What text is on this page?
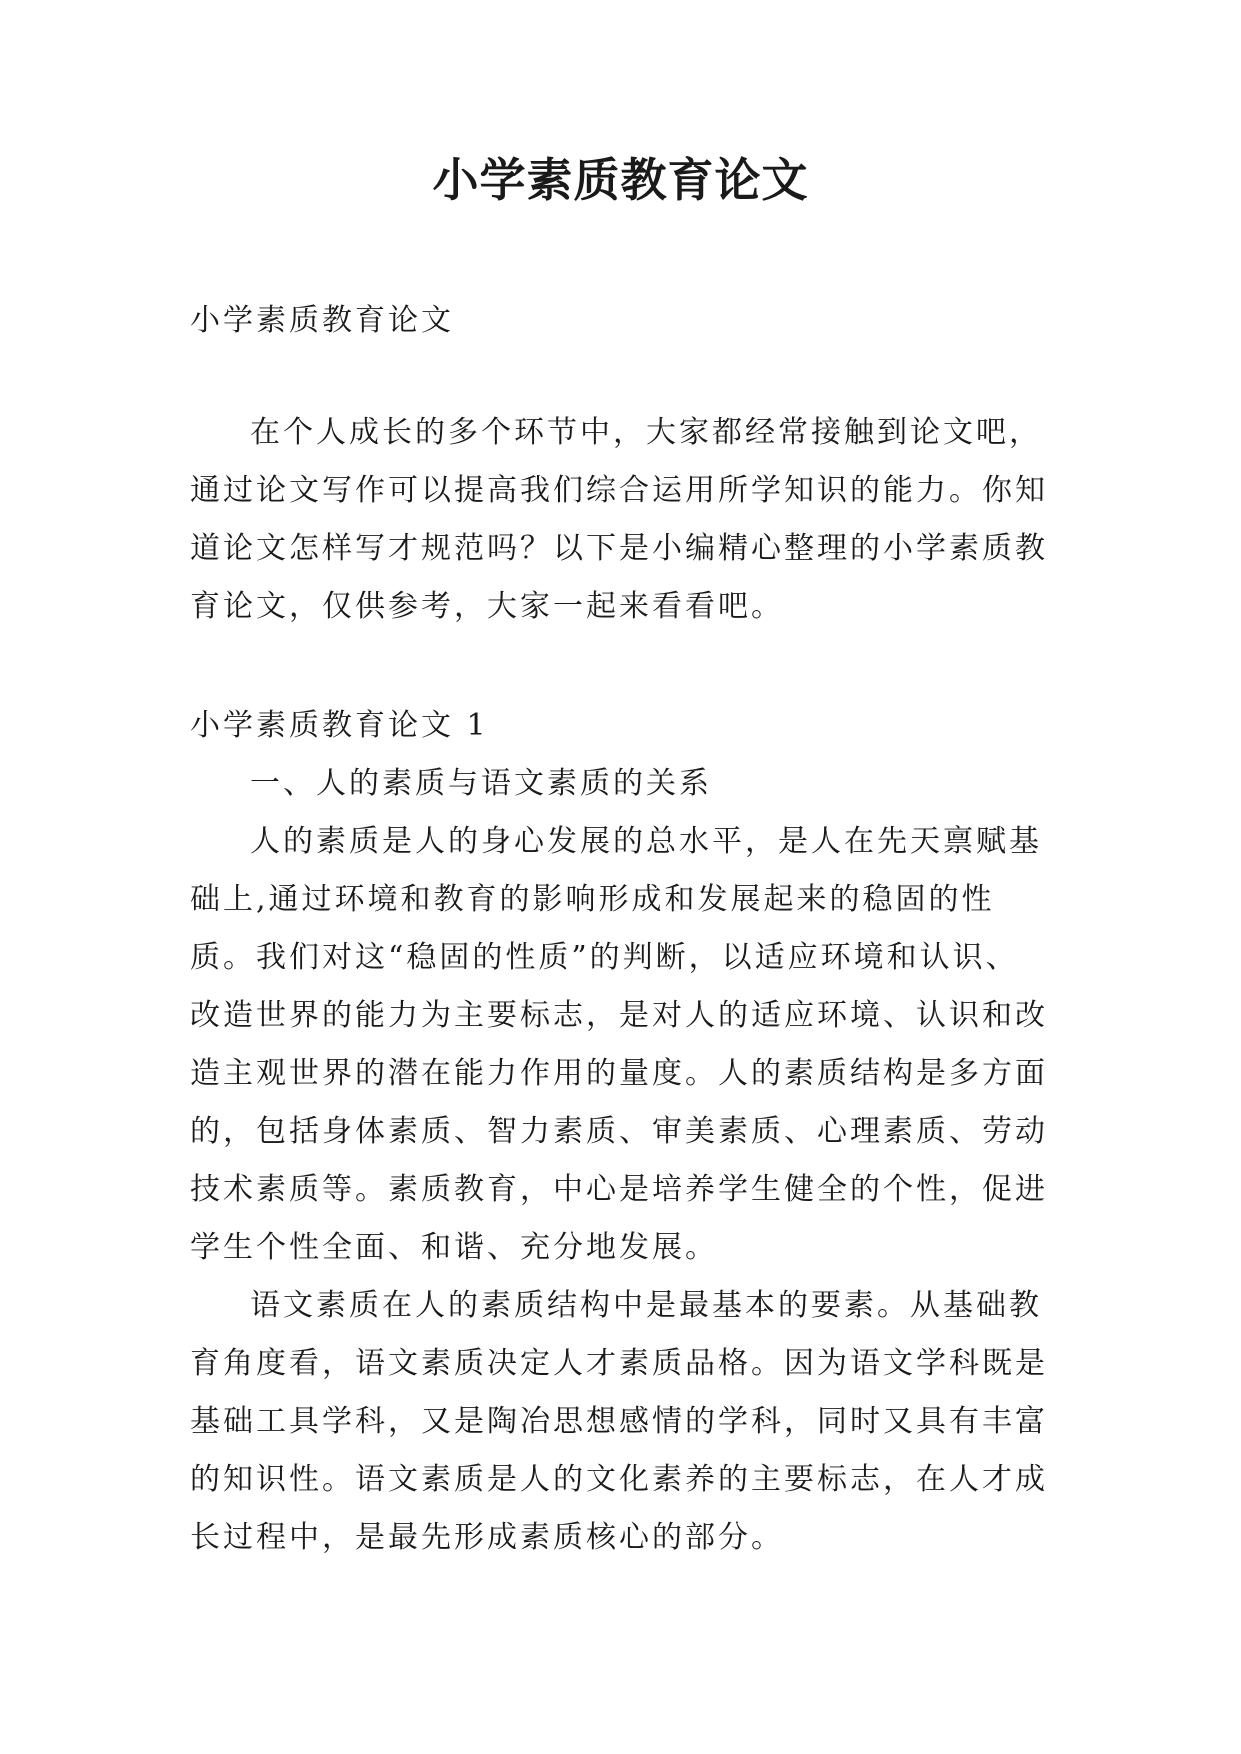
小学素质教育论文
小学素质教育论文

在个人成长的多个环节中，大家都经常接触到论文吧，通过论文写作可以提高我们综合运用所学知识的能力。你知道论文怎样写才规范吗？以下是小编精心整理的小学素质教育论文，仅供参考，大家一起来看看吧。

小学素质教育论文 1

一、人的素质与语文素质的关系

人的素质是人的身心发展的总水平，是人在先天禀赋基础上,通过环境和教育的影响形成和发展起来的稳固的性质。我们对这“稳固的性质”的判断，以适应环境和认识、改造世界的能力为主要标志，是对人的适应环境、认识和改造主观世界的潜在能力作用的量度。人的素质结构是多方面的，包括身体素质、智力素质、审美素质、心理素质、劳动技术素质等。素质教育，中心是培养学生健全的个性，促进学生个性全面、和谐、充分地发展。

语文素质在人的素质结构中是最基本的要素。从基础教育角度看，语文素质决定人才素质品格。因为语文学科既是基础工具学科，又是陶冶思想感情的学科，同时又具有丰富的知识性。语文素质是人的文化素养的主要标志，在人才成长过程中，是最先形成素质核心的部分。
